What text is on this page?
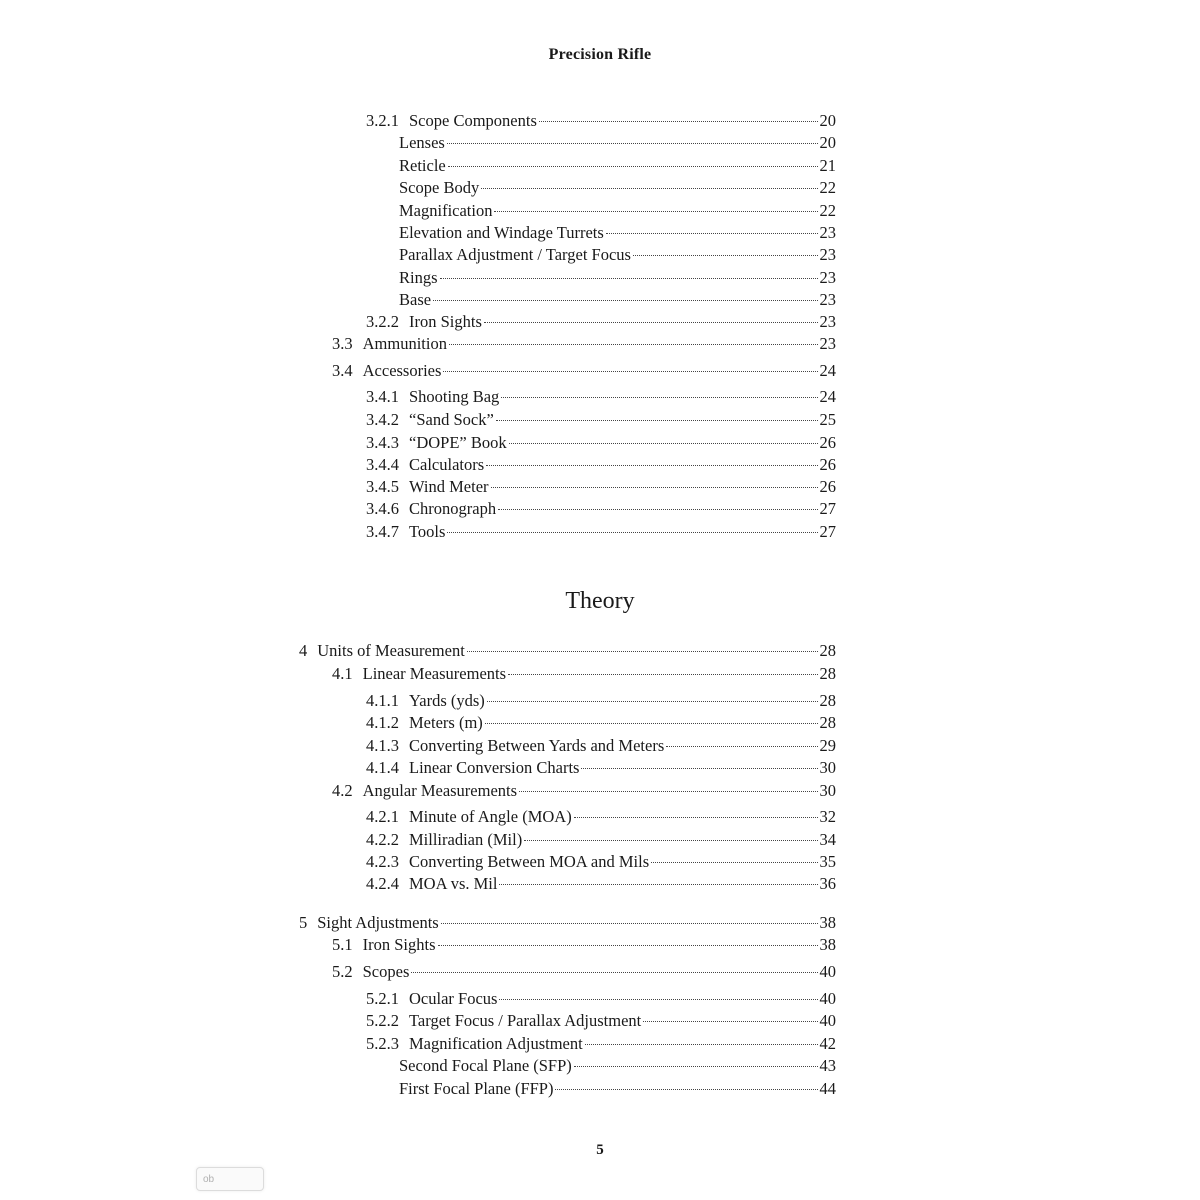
Precision Rifle
3.2.1 Scope Components	20
Lenses	20
Reticle	21
Scope Body	22
Magnification	22
Elevation and Windage Turrets	23
Parallax Adjustment / Target Focus	23
Rings	23
Base	23
3.2.2 Iron Sights	23
3.3 Ammunition	23
3.4 Accessories	24
3.4.1 Shooting Bag	24
3.4.2 “Sand Sock”	25
3.4.3 “DOPE” Book	26
3.4.4 Calculators	26
3.4.5 Wind Meter	26
3.4.6 Chronograph	27
3.4.7 Tools	27
Theory
4 Units of Measurement	28
4.1 Linear Measurements	28
4.1.1 Yards (yds)	28
4.1.2 Meters (m)	28
4.1.3 Converting Between Yards and Meters	29
4.1.4 Linear Conversion Charts	30
4.2 Angular Measurements	30
4.2.1 Minute of Angle (MOA)	32
4.2.2 Milliradian (Mil)	34
4.2.3 Converting Between MOA and Mils	35
4.2.4 MOA vs. Mil	36
5 Sight Adjustments	38
5.1 Iron Sights	38
5.2 Scopes	40
5.2.1 Ocular Focus	40
5.2.2 Target Focus / Parallax Adjustment	40
5.2.3 Magnification Adjustment	42
Second Focal Plane (SFP)	43
First Focal Plane (FFP)	44
5
ob
